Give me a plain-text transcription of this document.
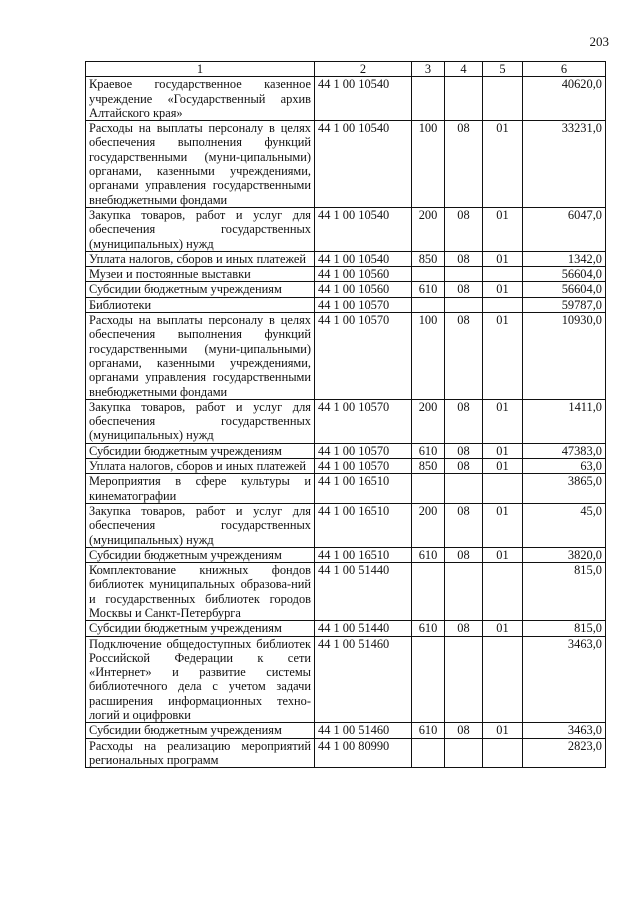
203
1	2	3	4	5	6
Краевое государственное казенное учреждение «Государственный архив Алтайского края»	44 1 00 10540				40620,0
Расходы на выплаты персоналу в целях обеспечения выполнения функций государственными (муни-ципальными) органами, казенными учреждениями, органами управления государственными внебюджетными фондами	44 1 00 10540	100	08	01	33231,0
Закупка товаров, работ и услуг для обеспечения государственных (муниципальных) нужд	44 1 00 10540	200	08	01	6047,0
Уплата налогов, сборов и иных платежей	44 1 00 10540	850	08	01	1342,0
Музеи и постоянные выставки	44 1 00 10560				56604,0
Субсидии бюджетным учреждениям	44 1 00 10560	610	08	01	56604,0
Библиотеки	44 1 00 10570				59787,0
Расходы на выплаты персоналу в целях обеспечения выполнения функций государственными (муни-ципальными) органами, казенными учреждениями, органами управления государственными внебюджетными фондами	44 1 00 10570	100	08	01	10930,0
Закупка товаров, работ и услуг для обеспечения государственных (муниципальных) нужд	44 1 00 10570	200	08	01	1411,0
Субсидии бюджетным учреждениям	44 1 00 10570	610	08	01	47383,0
Уплата налогов, сборов и иных платежей	44 1 00 10570	850	08	01	63,0
Мероприятия в сфере культуры и кинематографии	44 1 00 16510				3865,0
Закупка товаров, работ и услуг для обеспечения государственных (муниципальных) нужд	44 1 00 16510	200	08	01	45,0
Субсидии бюджетным учреждениям	44 1 00 16510	610	08	01	3820,0
Комплектование книжных фондов библиотек муниципальных образова-ний и государственных библиотек городов Москвы и Санкт-Петербурга	44 1 00 51440				815,0
Субсидии бюджетным учреждениям	44 1 00 51440	610	08	01	815,0
Подключение общедоступных библиотек Российской Федерации к сети «Интернет» и развитие системы библиотечного дела с учетом задачи расширения информационных техно-логий и оцифровки	44 1 00 51460				3463,0
Субсидии бюджетным учреждениям	44 1 00 51460	610	08	01	3463,0
Расходы на реализацию мероприятий региональных программ	44 1 00 80990				2823,0
